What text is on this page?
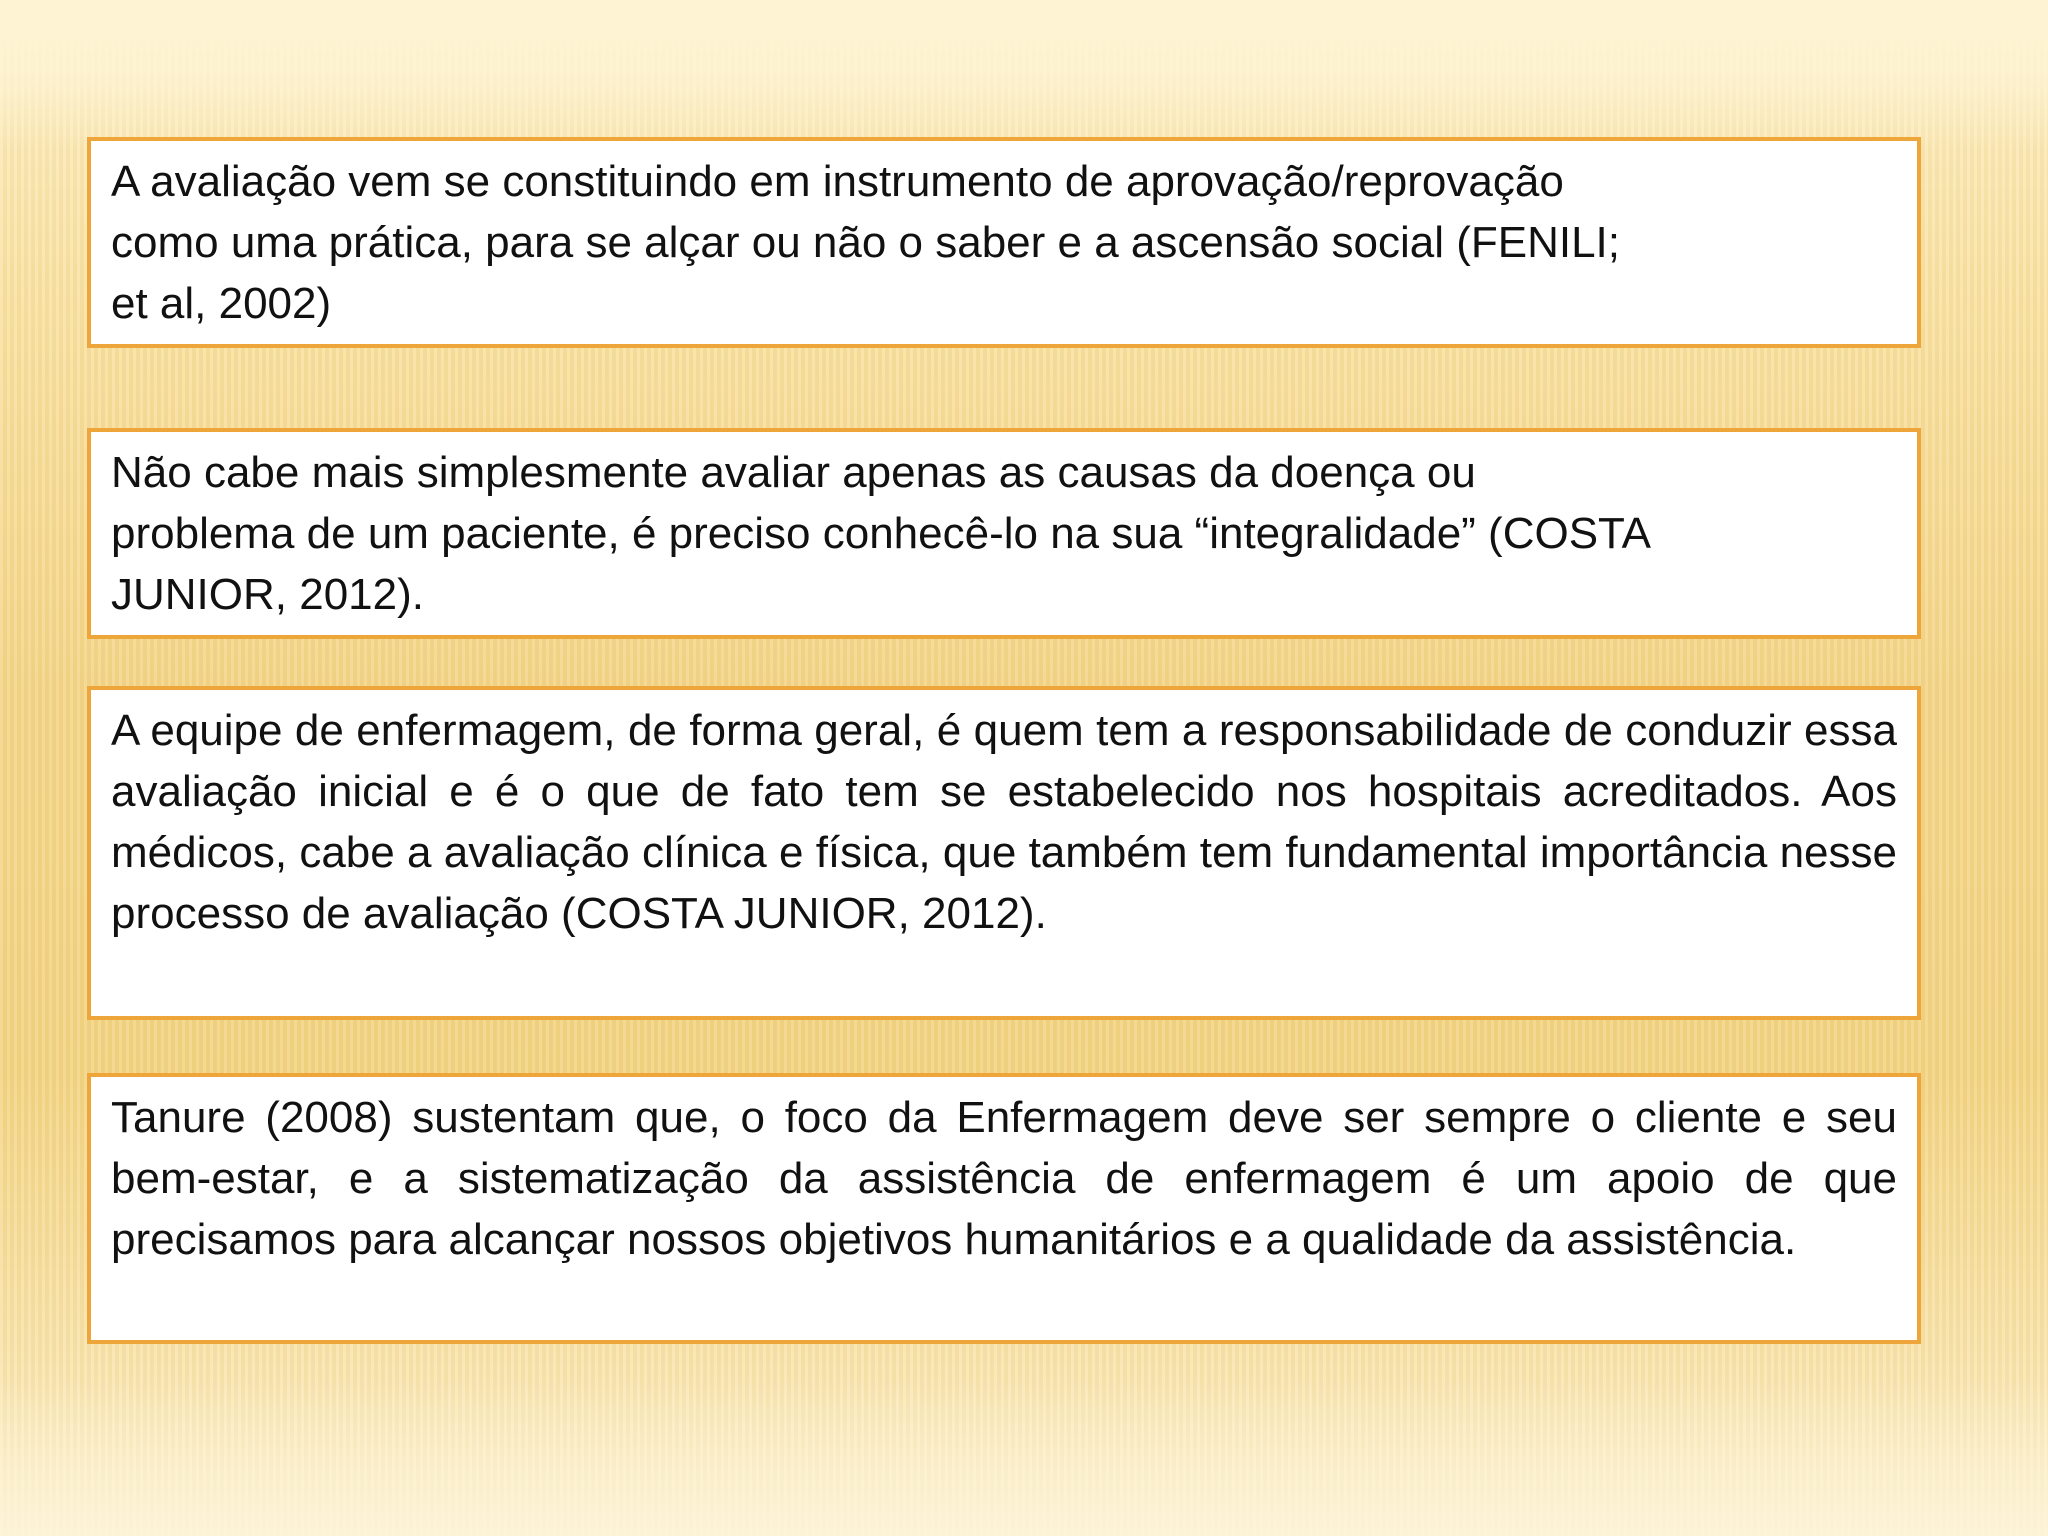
A avaliação vem se constituindo em instrumento de aprovação/reprovação

como uma prática, para se alçar ou não o saber e a ascensão social (FENILI;

et al, 2002)

Não cabe mais simplesmente avaliar apenas as causas da doença ou

problema de um paciente, é preciso conhecê-lo na sua “integralidade” (COSTA

JUNIOR, 2012).

A equipe de enfermagem, de forma geral, é quem tem a responsabilidade de conduzir essa avaliação inicial e é o que de fato tem se estabelecido nos hospitais acreditados. Aos médicos, cabe a avaliação clínica e física, que também tem fundamental importância nesse processo de avaliação (COSTA JUNIOR, 2012).

Tanure (2008) sustentam que, o foco da Enfermagem deve ser sempre o cliente e seu bem-estar, e a sistematização da assistência de enfermagem é um apoio de que precisamos para alcançar nossos objetivos humanitários e a qualidade da assistência.
